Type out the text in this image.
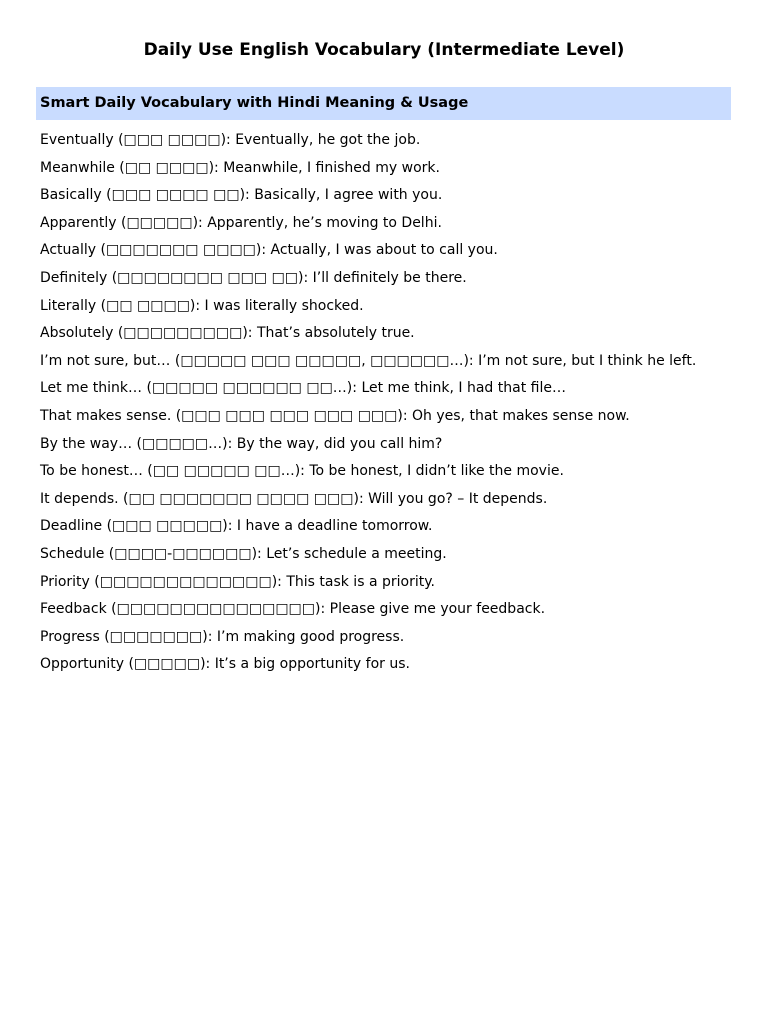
Daily Use English Vocabulary (Intermediate Level)
Smart Daily Vocabulary with Hindi Meaning & Usage
Eventually (□□□ □□□□): Eventually, he got the job.
Meanwhile (□□ □□□□): Meanwhile, I finished my work.
Basically (□□□ □□□□ □□): Basically, I agree with you.
Apparently (□□□□□): Apparently, he’s moving to Delhi.
Actually (□□□□□□□ □□□□): Actually, I was about to call you.
Definitely (□□□□□□□□ □□□ □□): I’ll definitely be there.
Literally (□□ □□□□): I was literally shocked.
Absolutely (□□□□□□□□□): That’s absolutely true.
I’m not sure, but… (□□□□□ □□□ □□□□□, □□□□□□…): I’m not sure, but I think he left.
Let me think… (□□□□□ □□□□□□ □□…): Let me think, I had that file…
That makes sense. (□□□ □□□ □□□ □□□ □□□): Oh yes, that makes sense now.
By the way… (□□□□□…): By the way, did you call him?
To be honest… (□□ □□□□□ □□…): To be honest, I didn’t like the movie.
It depends. (□□ □□□□□□□ □□□□ □□□): Will you go? – It depends.
Deadline (□□□ □□□□□): I have a deadline tomorrow.
Schedule (□□□□-□□□□□□): Let’s schedule a meeting.
Priority (□□□□□□□□□□□□□): This task is a priority.
Feedback (□□□□□□□□□□□□□□□): Please give me your feedback.
Progress (□□□□□□□): I’m making good progress.
Opportunity (□□□□□): It’s a big opportunity for us.
